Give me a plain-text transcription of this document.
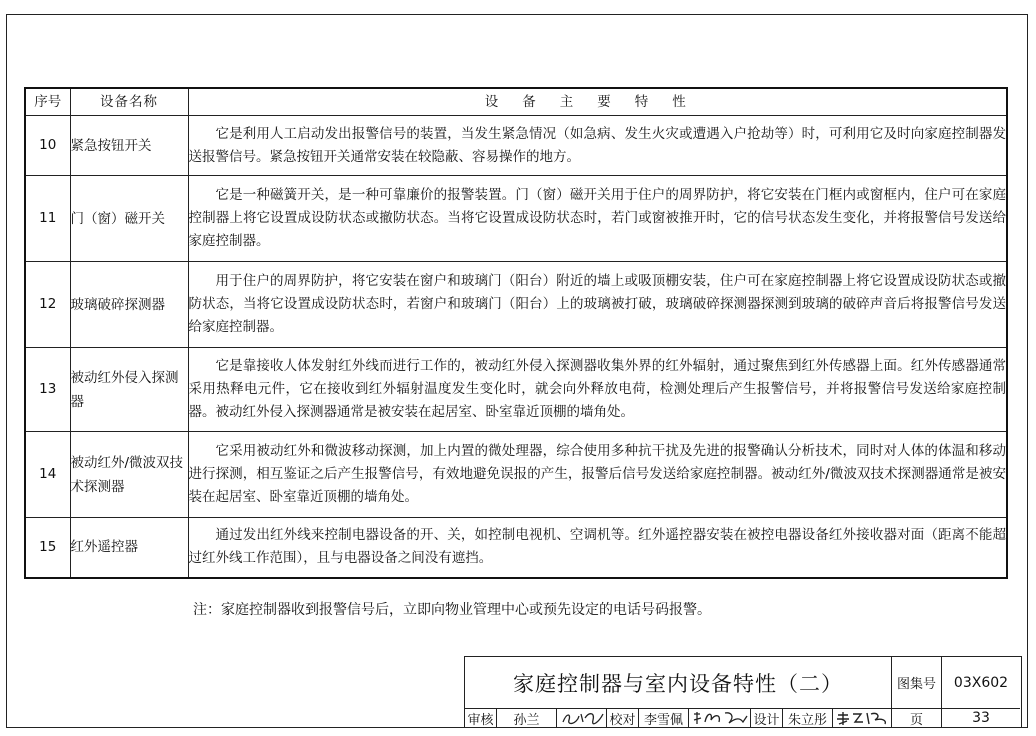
序号	设备名称	设备主要特性
10	紧急按钮开关	它是利用人工启动发出报警信号的装置，当发生紧急情况（如急病、发生火灾或遭遇入户抢劫等）时，可利用它及时向家庭控制器发送报警信号。紧急按钮开关通常安装在较隐蔽、容易操作的地方。

11	门（窗）磁开关	它是一种磁簧开关，是一种可靠廉价的报警装置。门（窗）磁开关用于住户的周界防护，将它安装在门框内或窗框内，住户可在家庭控制器上将它设置成设防状态或撤防状态。当将它设置成设防状态时，若门或窗被推开时，它的信号状态发生变化，并将报警信号发送给家庭控制器。

12	玻璃破碎探测器	用于住户的周界防护，将它安装在窗户和玻璃门（阳台）附近的墙上或吸顶棚安装，住户可在家庭控制器上将它设置成设防状态或撤防状态，当将它设置成设防状态时，若窗户和玻璃门（阳台）上的玻璃被打破，玻璃破碎探测器探测到玻璃的破碎声音后将报警信号发送给家庭控制器。

13	被动红外侵入探测器	它是靠接收人体发射红外线而进行工作的，被动红外侵入探测器收集外界的红外辐射，通过聚焦到红外传感器上面。红外传感器通常采用热释电元件，它在接收到红外辐射温度发生变化时，就会向外释放电荷，检测处理后产生报警信号，并将报警信号发送给家庭控制器。被动红外侵入探测器通常是被安装在起居室、卧室靠近顶棚的墙角处。

14	被动红外/微波双技术探测器	它采用被动红外和微波移动探测，加上内置的微处理器，综合使用多种抗干扰及先进的报警确认分析技术，同时对人体的体温和移动进行探测，相互鉴证之后产生报警信号，有效地避免误报的产生，报警后信号发送给家庭控制器。被动红外/微波双技术探测器通常是被安装在起居室、卧室靠近顶棚的墙角处。

15	红外遥控器	通过发出红外线来控制电器设备的开、关，如控制电视机、空调机等。红外遥控器安装在被控电器设备红外接收器对面（距离不能超过红外线工作范围），且与电器设备之间没有遮挡。
注：家庭控制器收到报警信号后，立即向物业管理中心或预先设定的电话号码报警。
家庭控制器与室内设备特性（二）	图集号	03X602
审核	孙兰	校对 李雪佩	设计 朱立彤	页	33
